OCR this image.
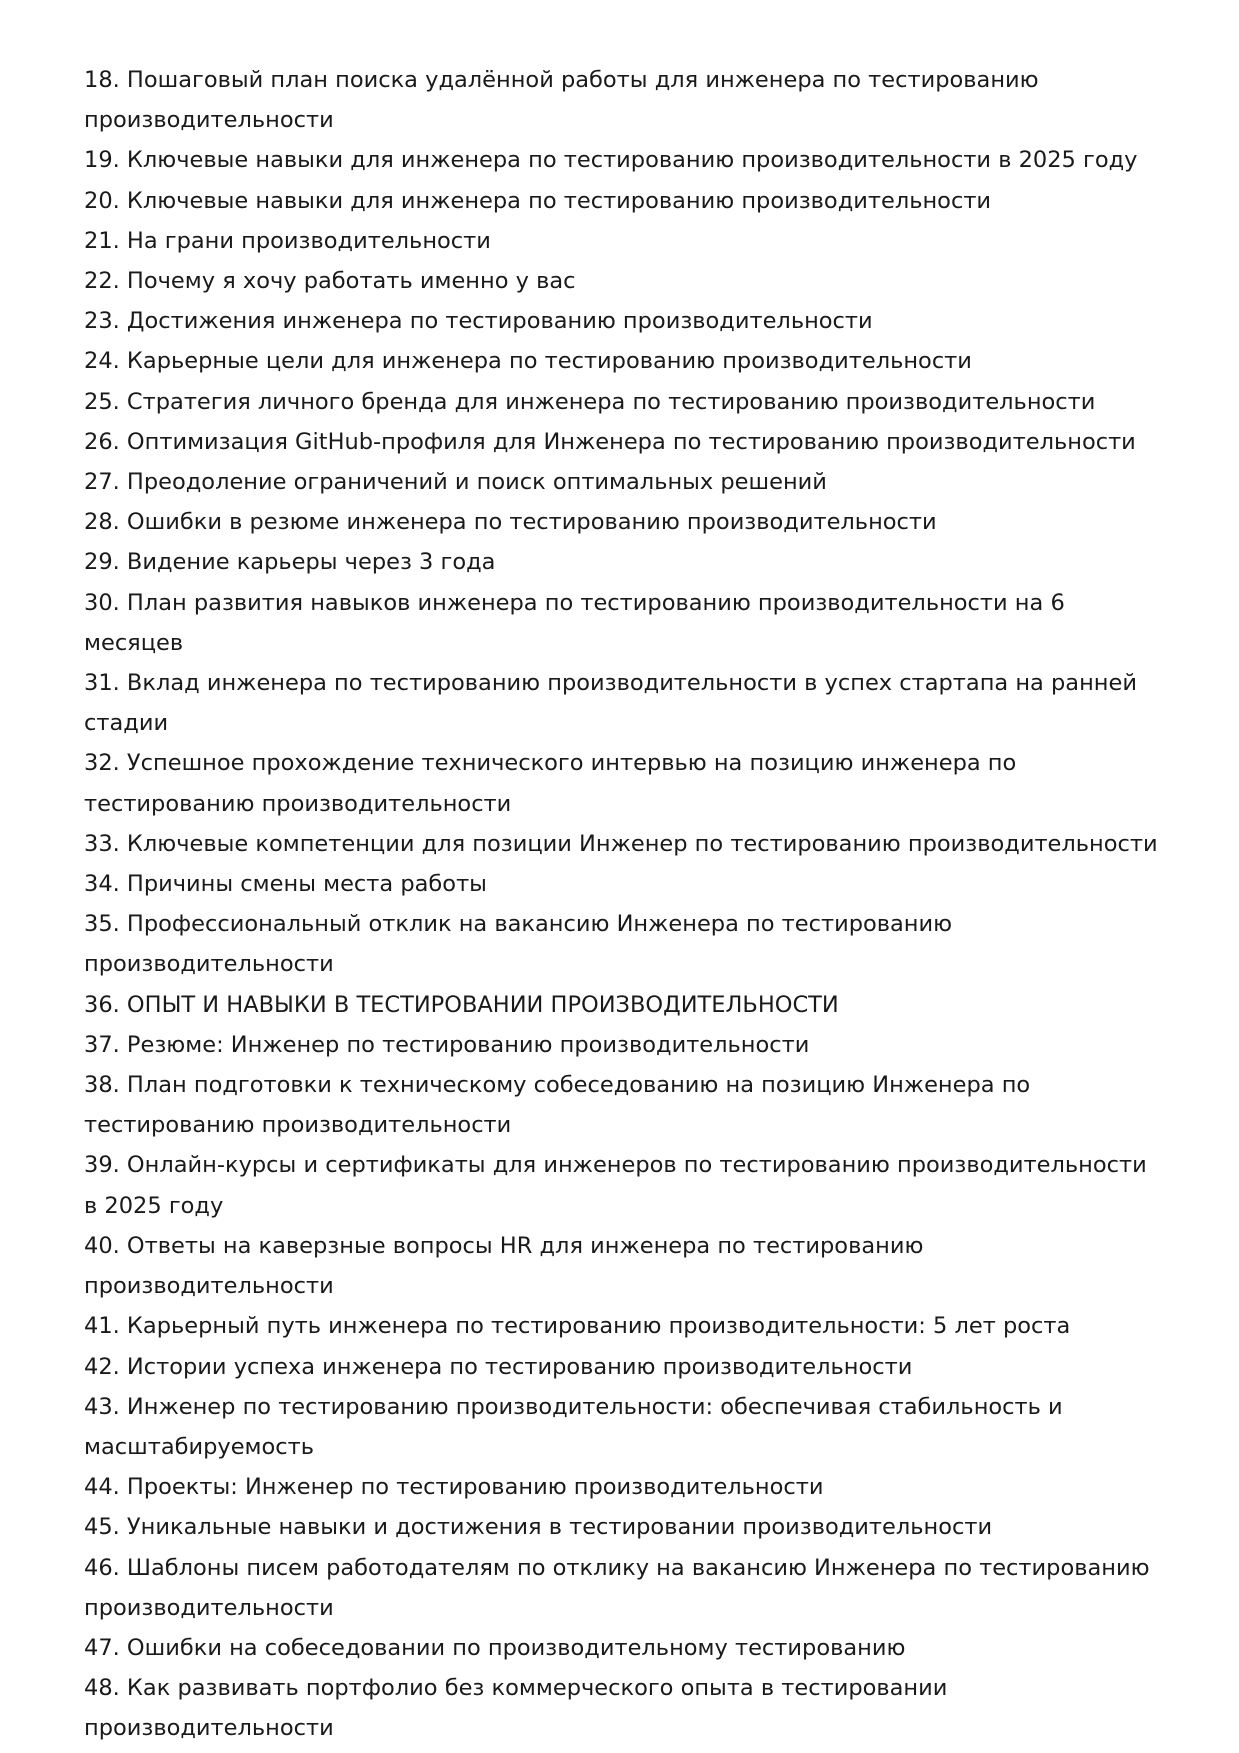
18. Пошаговый план поиска удалённой работы для инженера по тестированию производительности
19. Ключевые навыки для инженера по тестированию производительности в 2025 году
20. Ключевые навыки для инженера по тестированию производительности
21. На грани производительности
22. Почему я хочу работать именно у вас
23. Достижения инженера по тестированию производительности
24. Карьерные цели для инженера по тестированию производительности
25. Стратегия личного бренда для инженера по тестированию производительности
26. Оптимизация GitHub-профиля для Инженера по тестированию производительности
27. Преодоление ограничений и поиск оптимальных решений
28. Ошибки в резюме инженера по тестированию производительности
29. Видение карьеры через 3 года
30. План развития навыков инженера по тестированию производительности на 6 месяцев
31. Вклад инженера по тестированию производительности в успех стартапа на ранней стадии
32. Успешное прохождение технического интервью на позицию инженера по тестированию производительности
33. Ключевые компетенции для позиции Инженер по тестированию производительности
34. Причины смены места работы
35. Профессиональный отклик на вакансию Инженера по тестированию производительности
36. ОПЫТ И НАВЫКИ В ТЕСТИРОВАНИИ ПРОИЗВОДИТЕЛЬНОСТИ
37. Резюме: Инженер по тестированию производительности
38. План подготовки к техническому собеседованию на позицию Инженера по тестированию производительности
39. Онлайн-курсы и сертификаты для инженеров по тестированию производительности в 2025 году
40. Ответы на каверзные вопросы HR для инженера по тестированию производительности
41. Карьерный путь инженера по тестированию производительности: 5 лет роста
42. Истории успеха инженера по тестированию производительности
43. Инженер по тестированию производительности: обеспечивая стабильность и масштабируемость
44. Проекты: Инженер по тестированию производительности
45. Уникальные навыки и достижения в тестировании производительности
46. Шаблоны писем работодателям по отклику на вакансию Инженера по тестированию производительности
47. Ошибки на собеседовании по производительному тестированию
48. Как развивать портфолио без коммерческого опыта в тестировании производительности
